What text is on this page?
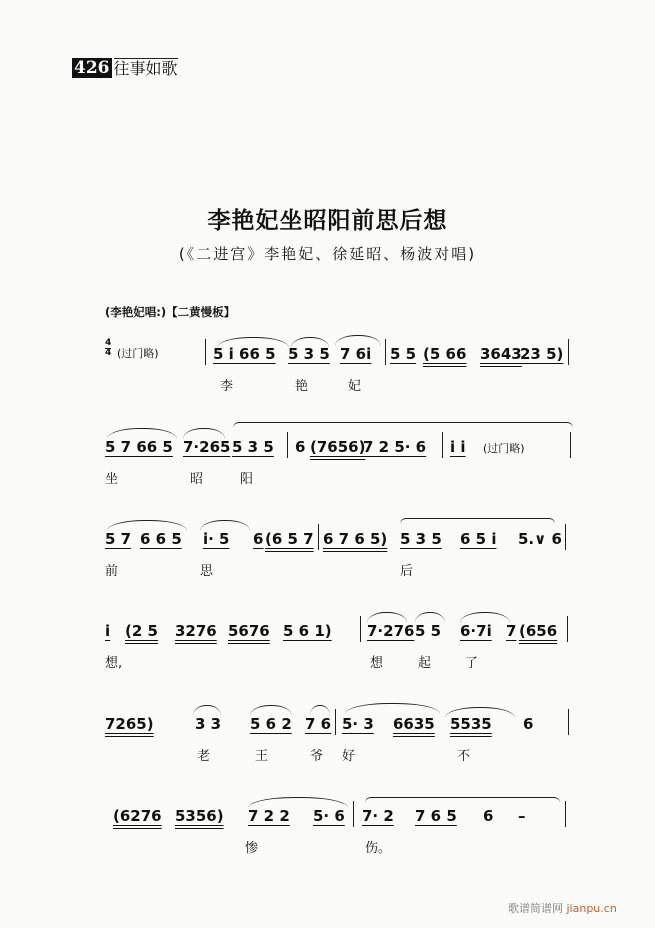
426 往事如歌
李艳妃坐昭阳前思后想
(《二进宫》李艳妃、徐延昭、杨波对唱)
(李艳妃唱:)【二黄慢板】
4
4 (过门略)	5 i 66 5 5 3 5 7 6i 5 5 (5 66 3643
23 5)
李	艳	妃
5 7 66 5 7·265 5 3 5 6 (7656)
7 2 5· 6 i i (过门略)
坐	昭	阳
5 7 6 6 5 i· 5 6 (6 5 7 6 7 6 5) 5 3 5 6 5 i 5.∨ 6
前	思	后
i (2 5 3276 5676 5 6 1) 7·276 5 5 6·7i 7 (656
想,	想	起	了
7265)	3 3 5 6 2 7 6 5· 3 6635 5535 6
老	王	爷 好	不
(6276 5356) 7 2 2 5· 6 7· 2 7 6 5 6 –
惨	伤。
歌谱简谱网 jianpu.cn
